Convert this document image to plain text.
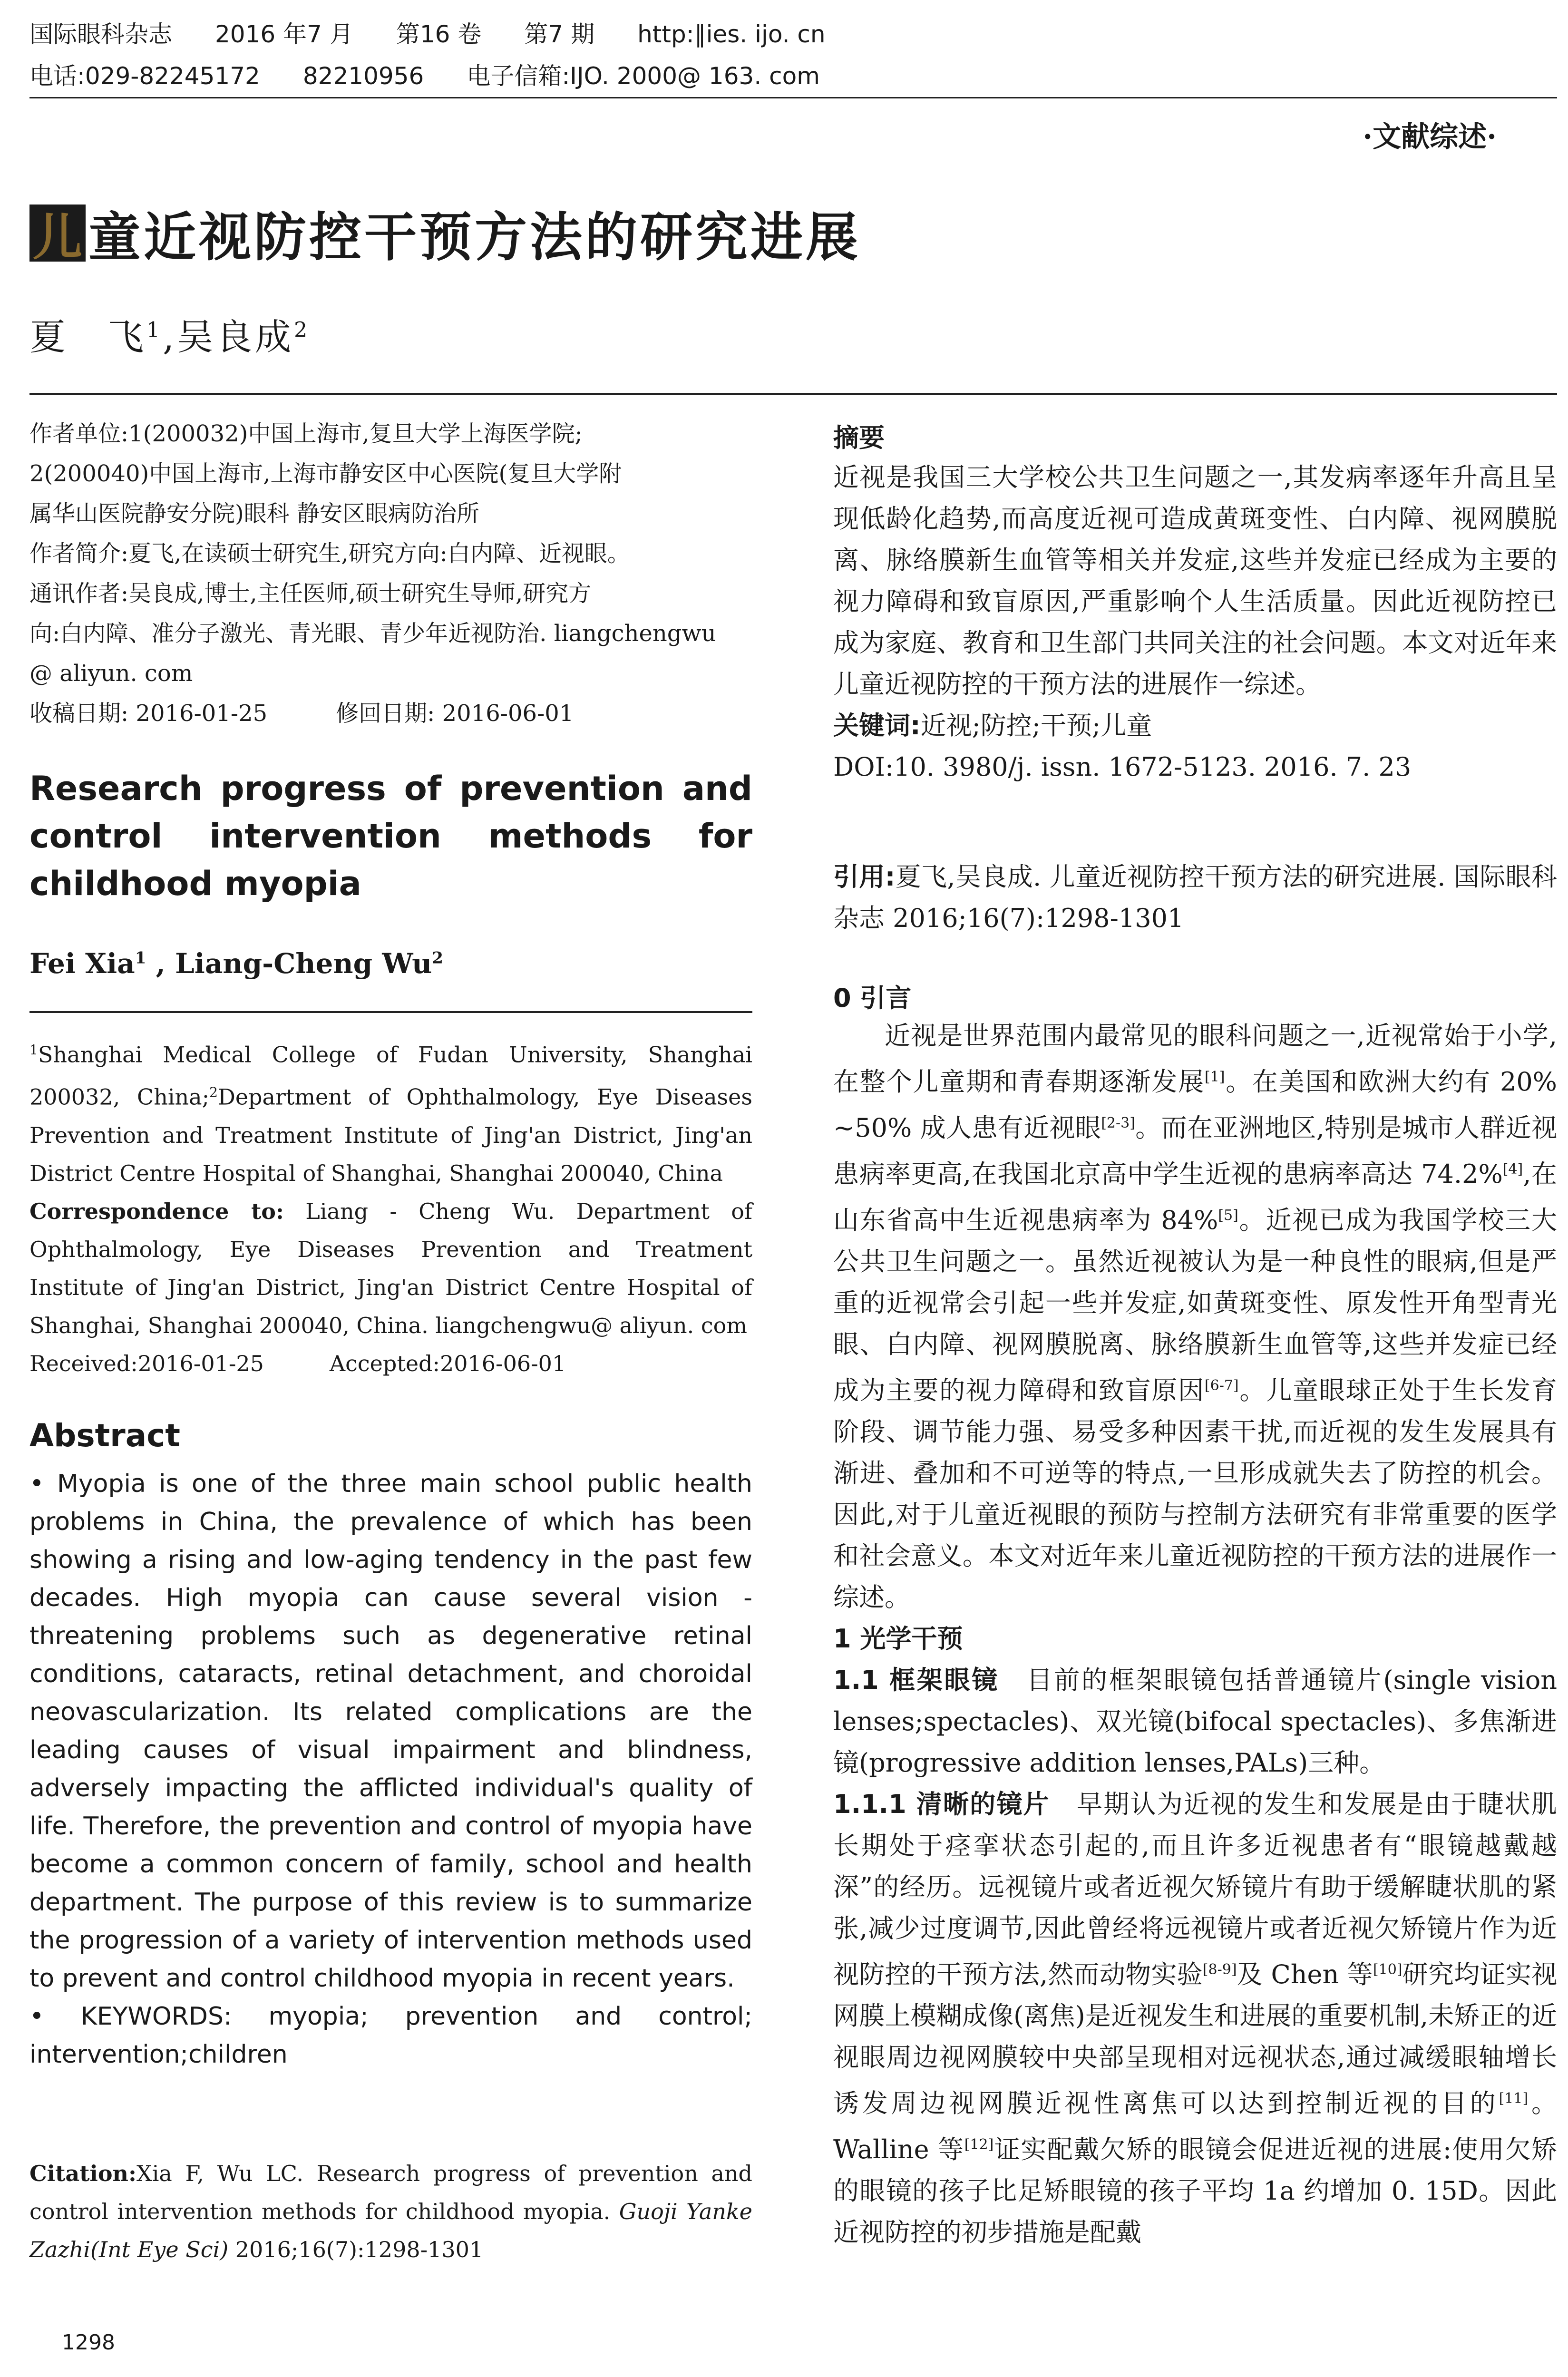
国际眼科杂志 2016 年7 月 第16 卷 第7 期 http:∥ies. ijo. cn
电话:029-82245172 82210956 电子信箱:IJO. 2000@ 163. com
·文献综述·
儿 童近视防控干预方法的研究进展
夏　飞$^1$,吴良成$^2$

作者单位:1(200032)中国上海市,复旦大学上海医学院;

2(200040)中国上海市,上海市静安区中心医院(复旦大学附

属华山医院静安分院)眼科 静安区眼病防治所

作者简介:夏飞,在读硕士研究生,研究方向:白内障、近视眼。

通讯作者:吴良成,博士,主任医师,硕士研究生导师,研究方

向:白内障、准分子激光、青光眼、青少年近视防治. liangchengwu

@ aliyun. com

收稿日期: 2016-01-25　　　修回日期: 2016-06-01

Research progress of prevention and control intervention methods for childhood myopia
Fei Xia$^1$ , Liang-Cheng Wu$^2$
$^1$Shanghai Medical College of Fudan University, Shanghai 200032, China;$^2$Department of Ophthalmology, Eye Diseases Prevention and Treatment Institute of Jing'an District, Jing'an District Centre Hospital of Shanghai, Shanghai 200040, China
Correspondence to: Liang - Cheng Wu. Department of Ophthalmology, Eye Diseases Prevention and Treatment Institute of Jing'an District, Jing'an District Centre Hospital of Shanghai, Shanghai 200040, China. liangchengwu@ aliyun. com
Received:2016-01-25　　　Accepted:2016-06-01
Abstract
• Myopia is one of the three main school public health problems in China, the prevalence of which has been showing a rising and low-aging tendency in the past few decades. High myopia can cause several vision - threatening problems such as degenerative retinal conditions, cataracts, retinal detachment, and choroidal neovascularization. Its related complications are the leading causes of visual impairment and blindness, adversely impacting the afflicted individual's quality of life. Therefore, the prevention and control of myopia have become a common concern of family, school and health department. The purpose of this review is to summarize the progression of a variety of intervention methods used to prevent and control childhood myopia in recent years.
• KEYWORDS: myopia; prevention and control; intervention;children
Citation:Xia F, Wu LC. Research progress of prevention and control intervention methods for childhood myopia. Guoji Yanke Zazhi(Int Eye Sci) 2016;16(7):1298-1301
1298
摘要

近视是我国三大学校公共卫生问题之一,其发病率逐年升高且呈现低龄化趋势,而高度近视可造成黄斑变性、白内障、视网膜脱离、脉络膜新生血管等相关并发症,这些并发症已经成为主要的视力障碍和致盲原因,严重影响个人生活质量。因此近视防控已成为家庭、教育和卫生部门共同关注的社会问题。本文对近年来儿童近视防控的干预方法的进展作一综述。

关键词:近视;防控;干预;儿童

DOI:10. 3980/j. issn. 1672-5123. 2016. 7. 23

引用:夏飞,吴良成. 儿童近视防控干预方法的研究进展. 国际眼科杂志 2016;16(7):1298-1301

0 引言

近视是世界范围内最常见的眼科问题之一,近视常始于小学,在整个儿童期和青春期逐渐发展[1]。在美国和欧洲大约有 20% ~50% 成人患有近视眼[2-3]。而在亚洲地区,特别是城市人群近视患病率更高,在我国北京高中学生近视的患病率高达 74.2%[4],在山东省高中生近视患病率为 84%[5]。近视已成为我国学校三大公共卫生问题之一。虽然近视被认为是一种良性的眼病,但是严重的近视常会引起一些并发症,如黄斑变性、原发性开角型青光眼、白内障、视网膜脱离、脉络膜新生血管等,这些并发症已经成为主要的视力障碍和致盲原因[6-7]。儿童眼球正处于生长发育阶段、调节能力强、易受多种因素干扰,而近视的发生发展具有渐进、叠加和不可逆等的特点,一旦形成就失去了防控的机会。因此,对于儿童近视眼的预防与控制方法研究有非常重要的医学和社会意义。本文对近年来儿童近视防控的干预方法的进展作一综述。

1 光学干预

1.1 框架眼镜　目前的框架眼镜包括普通镜片(single vision lenses;spectacles)、双光镜(bifocal spectacles)、多焦渐进镜(progressive addition lenses,PALs)三种。

1.1.1 清晰的镜片　早期认为近视的发生和发展是由于睫状肌长期处于痉挛状态引起的,而且许多近视患者有“眼镜越戴越深”的经历。远视镜片或者近视欠矫镜片有助于缓解睫状肌的紧张,减少过度调节,因此曾经将远视镜片或者近视欠矫镜片作为近视防控的干预方法,然而动物实验[8-9]及 Chen 等[10]研究均证实视网膜上模糊成像(离焦)是近视发生和进展的重要机制,未矫正的近视眼周边视网膜较中央部呈现相对远视状态,通过减缓眼轴增长诱发周边视网膜近视性离焦可以达到控制近视的目的[11]。Walline 等[12]证实配戴欠矫的眼镜会促进近视的进展:使用欠矫的眼镜的孩子比足矫眼镜的孩子平均 1a 约增加 0. 15D。因此近视防控的初步措施是配戴
